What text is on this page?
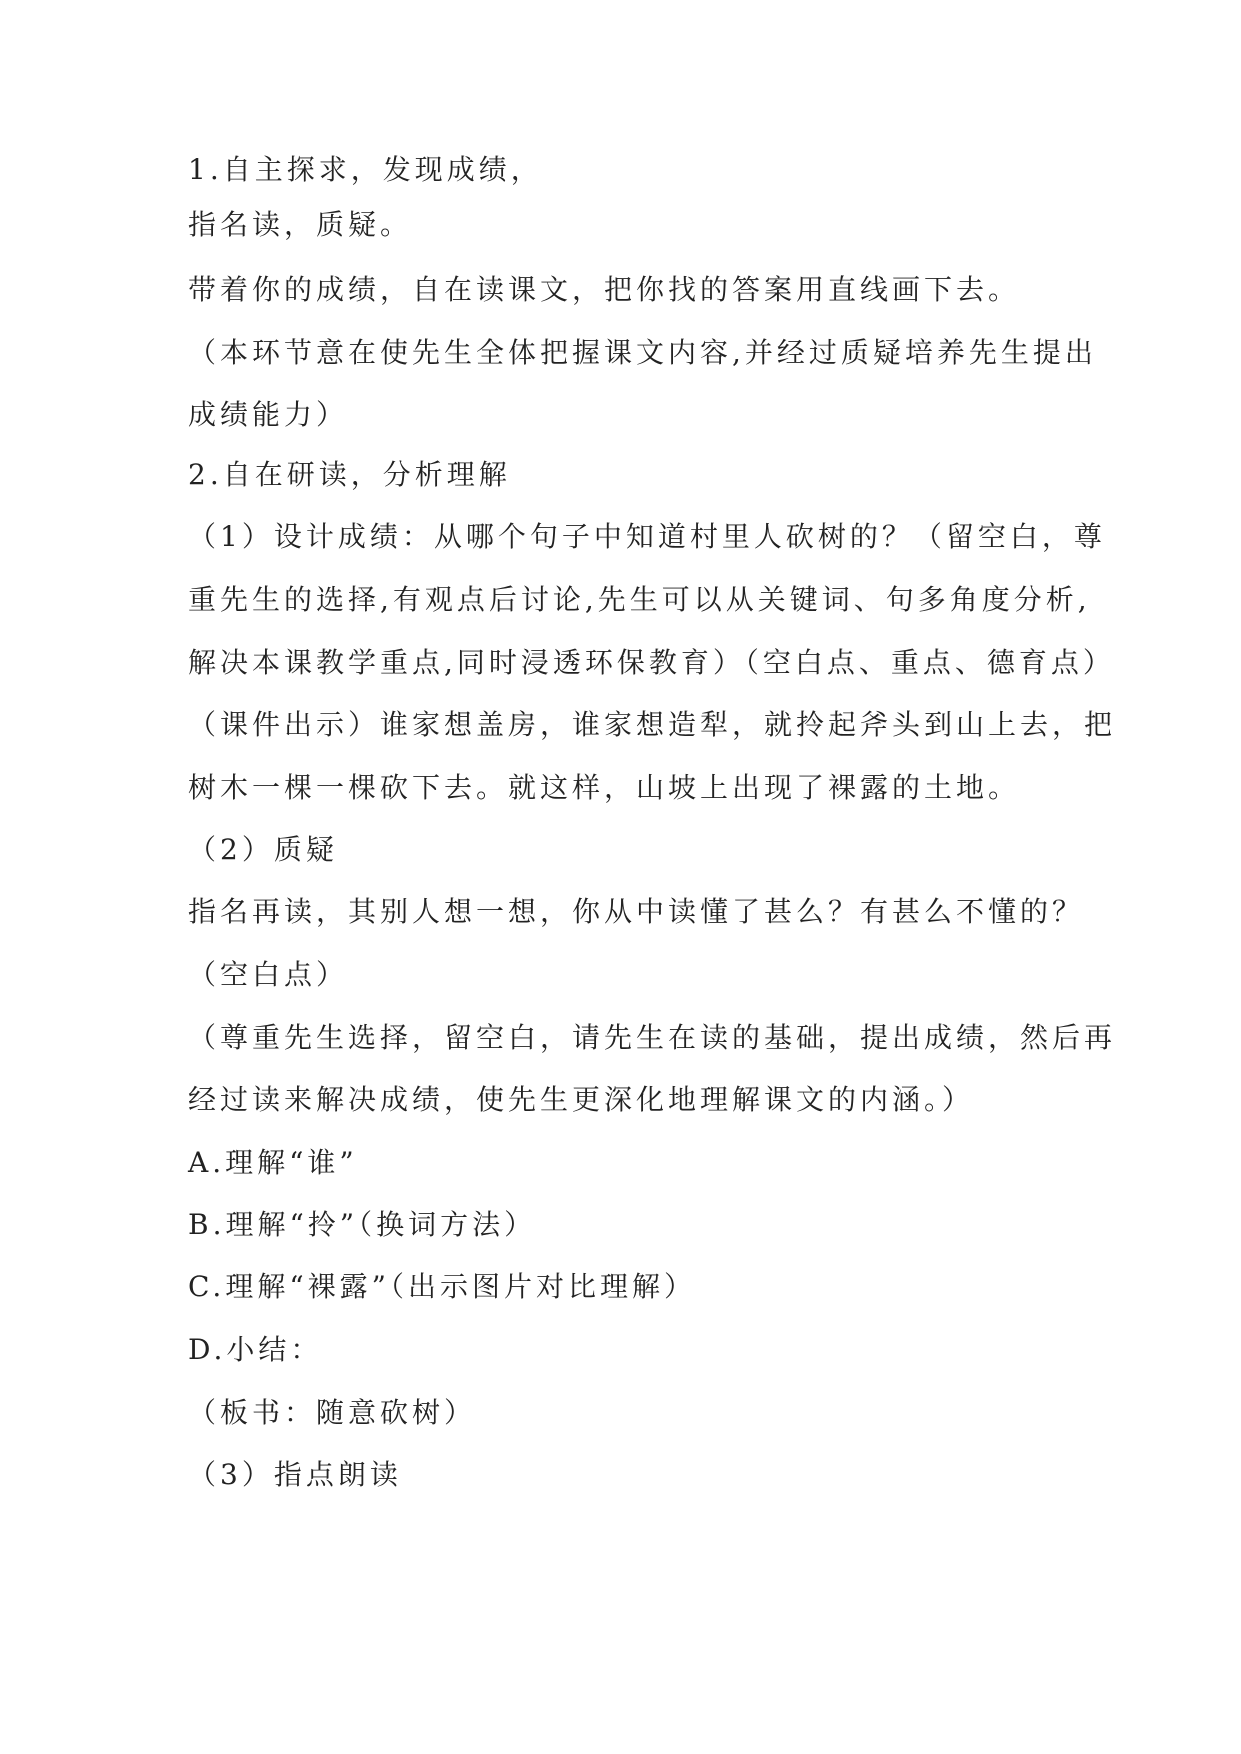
1.自主探求，发现成绩，
指名读，质疑。
带着你的成绩，自在读课文，把你找的答案用直线画下去。
（本环节意在使先生全体把握课文内容,并经过质疑培养先生提出
成绩能力）
2.自在研读，分析理解
（1）设计成绩：从哪个句子中知道村里人砍树的？（留空白，尊
重先生的选择,有观点后讨论,先生可以从关键词、句多角度分析,
解决本课教学重点,同时浸透环保教育）（空白点、重点、德育点）
（课件出示）谁家想盖房，谁家想造犁，就拎起斧头到山上去，把
树木一棵一棵砍下去。就这样，山坡上出现了裸露的土地。
（2）质疑
指名再读，其别人想一想，你从中读懂了甚么？有甚么不懂的？
（空白点）
（尊重先生选择，留空白，请先生在读的基础，提出成绩，然后再
经过读来解决成绩，使先生更深化地理解课文的内涵。）
A.理解“谁”
B.理解“拎”（换词方法）
C.理解“裸露”（出示图片对比理解）
D.小结：
（板书：随意砍树）
（3）指点朗读
